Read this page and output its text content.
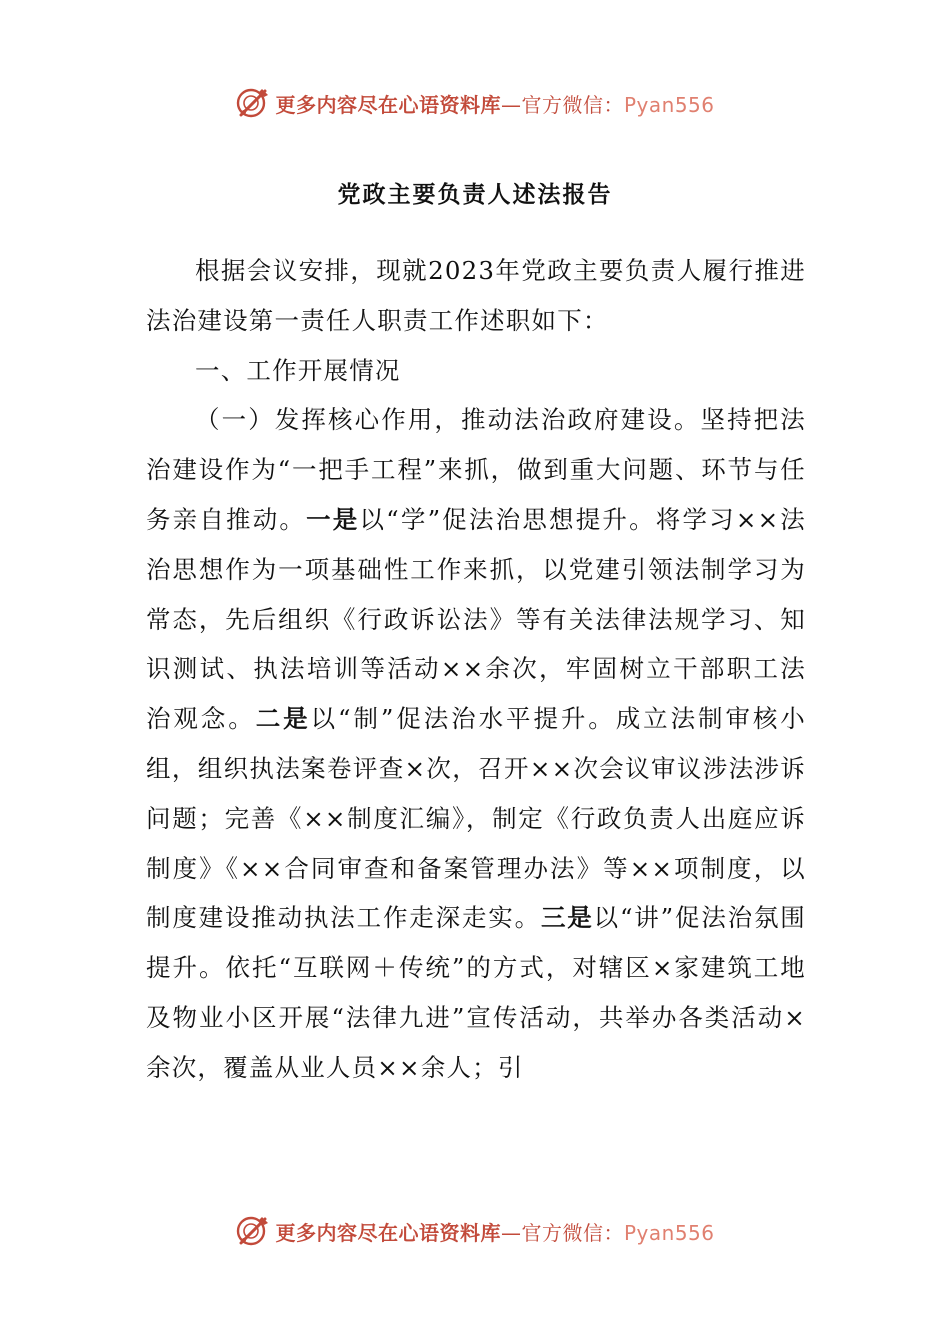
更多内容尽在心语资料库—官方微信：Pyan556
党政主要负责人述法报告

根据会议安排，现就2023年党政主要负责人履行推进法治建设第一责任人职责工作述职如下：

一、工作开展情况

（一）发挥核心作用，推动法治政府建设。坚持把法治建设作为“一把手工程”来抓，做到重大问题、环节与任务亲自推动。一是以“学”促法治思想提升。将学习××法治思想作为一项基础性工作来抓，以党建引领法制学习为常态，先后组织《行政诉讼法》等有关法律法规学习、知识测试、执法培训等活动××余次，牢固树立干部职工法治观念。二是以“制”促法治水平提升。成立法制审核小组，组织执法案卷评查×次，召开××次会议审议涉法涉诉问题；完善《××制度汇编》，制定《行政负责人出庭应诉制度》《××合同审查和备案管理办法》等××项制度，以制度建设推动执法工作走深走实。三是以“讲”促法治氛围提升。依托“互联网＋传统”的方式，对辖区×家建筑工地及物业小区开展“法律九进”宣传活动，共举办各类活动×余次，覆盖从业人员××余人；引

更多内容尽在心语资料库—官方微信：Pyan556
